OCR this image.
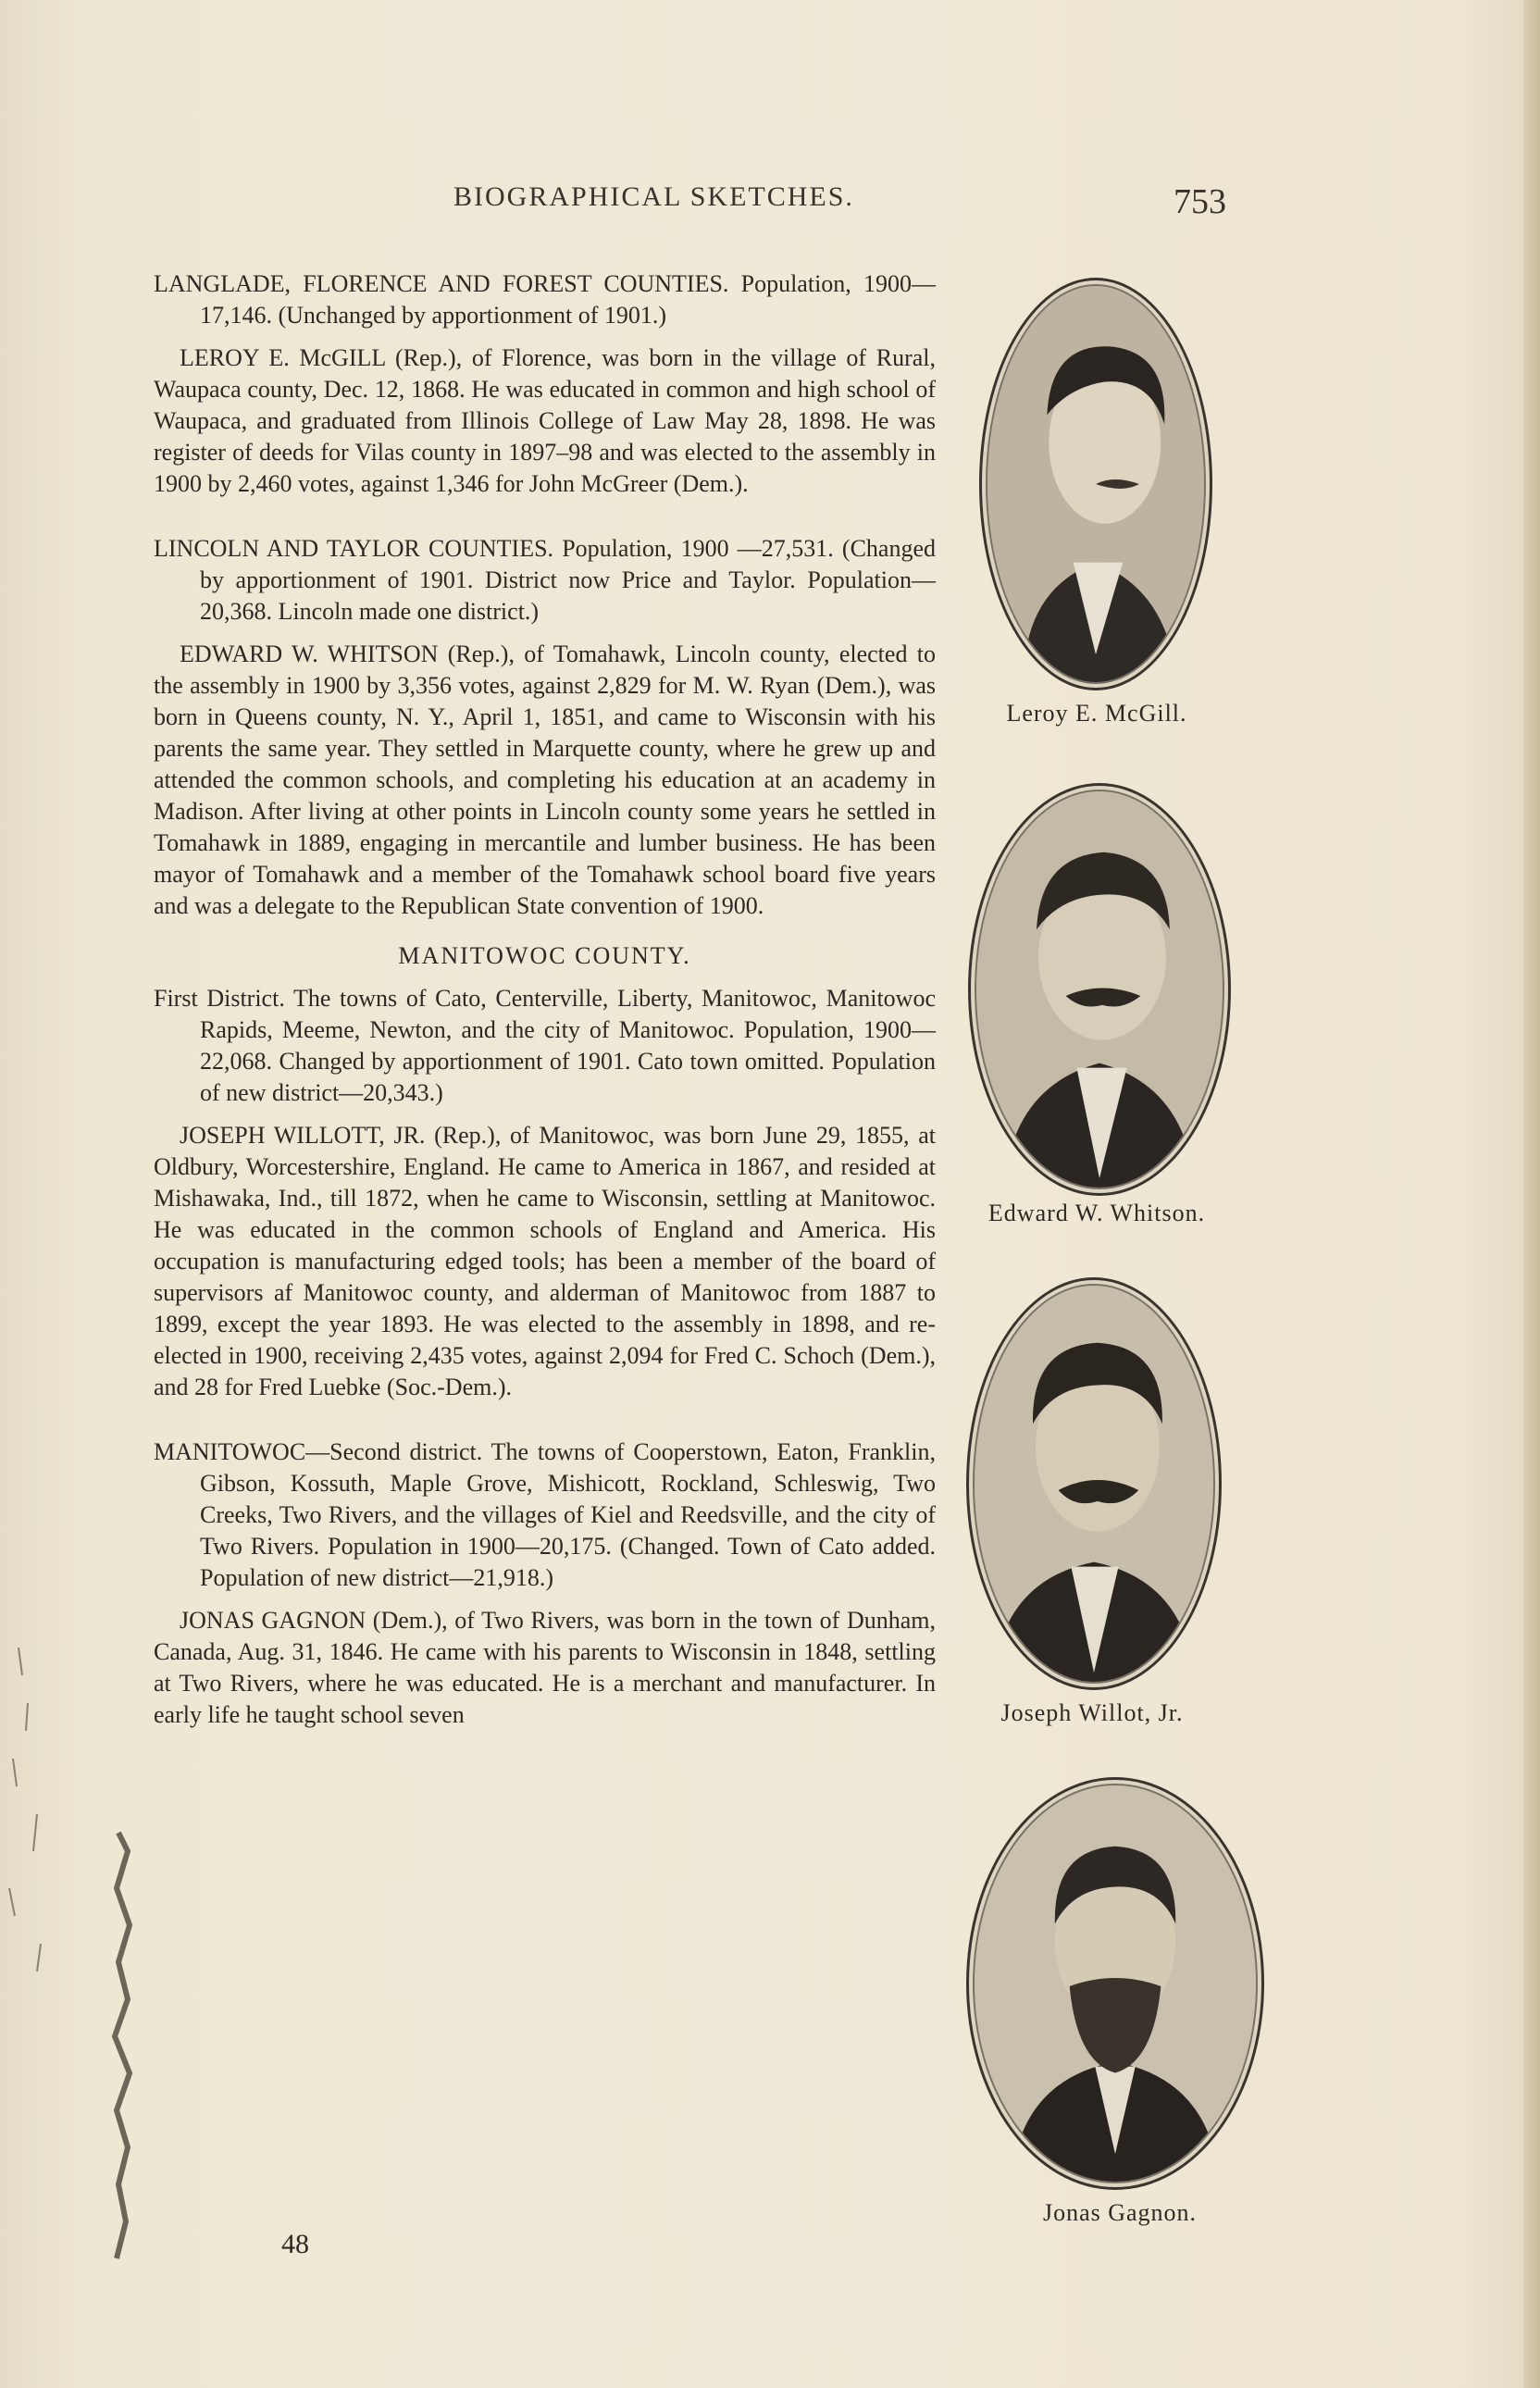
BIOGRAPHICAL SKETCHES.	753

LANGLADE, FLORENCE AND FOREST COUNTIES. Population, 1900—17,146. (Unchanged by apportionment of 1901.)

LEROY E. McGILL (Rep.), of Florence, was born in the village of Rural, Waupaca county, Dec. 12, 1868. He was educated in common and high school of Waupaca, and graduated from Illinois College of Law May 28, 1898. He was register of deeds for Vilas county in 1897–98 and was elected to the assembly in 1900 by 2,460 votes, against 1,346 for John McGreer (Dem.).

LINCOLN AND TAYLOR COUNTIES. Population, 1900 —27,531. (Changed by apportionment of 1901. District now Price and Taylor. Population—20,368. Lincoln made one district.)

EDWARD W. WHITSON (Rep.), of Tomahawk, Lincoln county, elected to the assembly in 1900 by 3,356 votes, against 2,829 for M. W. Ryan (Dem.), was born in Queens county, N. Y., April 1, 1851, and came to Wisconsin with his parents the same year. They settled in Marquette county, where he grew up and attended the common schools, and completing his education at an academy in Madison. After living at other points in Lincoln county some years he settled in Tomahawk in 1889, engaging in mercantile and lumber business. He has been mayor of Tomahawk and a member of the Tomahawk school board five years and was a delegate to the Republican State convention of 1900.

MANITOWOC COUNTY.

First District. The towns of Cato, Centerville, Liberty, Manitowoc, Manitowoc Rapids, Meeme, Newton, and the city of Manitowoc. Population, 1900—22,068. Changed by apportionment of 1901. Cato town omitted. Population of new district—20,343.)

JOSEPH WILLOTT, JR. (Rep.), of Manitowoc, was born June 29, 1855, at Oldbury, Worcestershire, England. He came to America in 1867, and resided at Mishawaka, Ind., till 1872, when he came to Wisconsin, settling at Manitowoc. He was educated in the common schools of England and America. His occupation is manufacturing edged tools; has been a member of the board of supervisors af Manitowoc county, and alderman of Manitowoc from 1887 to 1899, except the year 1893. He was elected to the assembly in 1898, and re-elected in 1900, receiving 2,435 votes, against 2,094 for Fred C. Schoch (Dem.), and 28 for Fred Luebke (Soc.-Dem.).

MANITOWOC—Second district. The towns of Cooperstown, Eaton, Franklin, Gibson, Kossuth, Maple Grove, Mishicott, Rockland, Schleswig, Two Creeks, Two Rivers, and the villages of Kiel and Reedsville, and the city of Two Rivers. Population in 1900—20,175. (Changed. Town of Cato added. Population of new district—21,918.)

JONAS GAGNON (Dem.), of Two Rivers, was born in the town of Dunham, Canada, Aug. 31, 1846. He came with his parents to Wisconsin in 1848, settling at Two Rivers, where he was educated. He is a merchant and manufacturer. In early life he taught school seven

48
Leroy E. McGill.
Edward W. Whitson.
Joseph Willot, Jr.
Jonas Gagnon.
